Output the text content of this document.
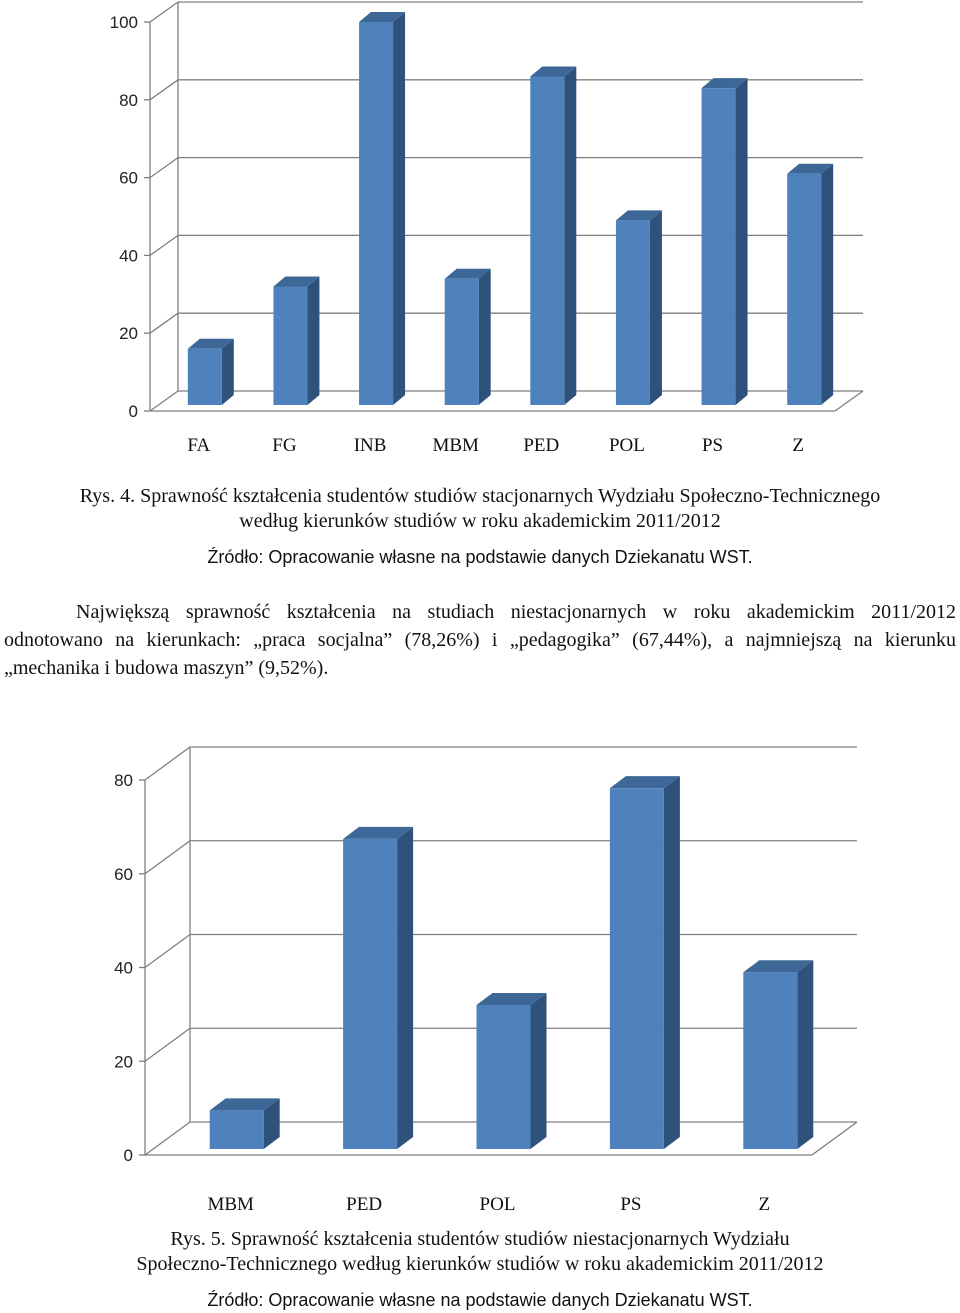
0
20
40
60
80
100
FA	FG	INB MBM PED	POL	PS	Z

Rys. 4. Sprawność kształcenia studentów studiów stacjonarnych Wydziału Społeczno-Technicznego
według kierunków studiów w roku akademickim 2011/2012

Źródło: Opracowanie własne na podstawie danych Dziekanatu WST.

Największą sprawność kształcenia na studiach niestacjonarnych w roku akademickim 2011/2012 odnotowano na kierunkach: „praca socjalna” (78,26%) i „pedagogika” (67,44%), a najmniejszą na kierunku „mechanika i budowa maszyn” (9,52%).

0
20
40
60
80
MBM	PED	POL	PS	Z

Rys. 5. Sprawność kształcenia studentów studiów niestacjonarnych Wydziału
Społeczno-Technicznego według kierunków studiów w roku akademickim 2011/2012

Źródło: Opracowanie własne na podstawie danych Dziekanatu WST.
